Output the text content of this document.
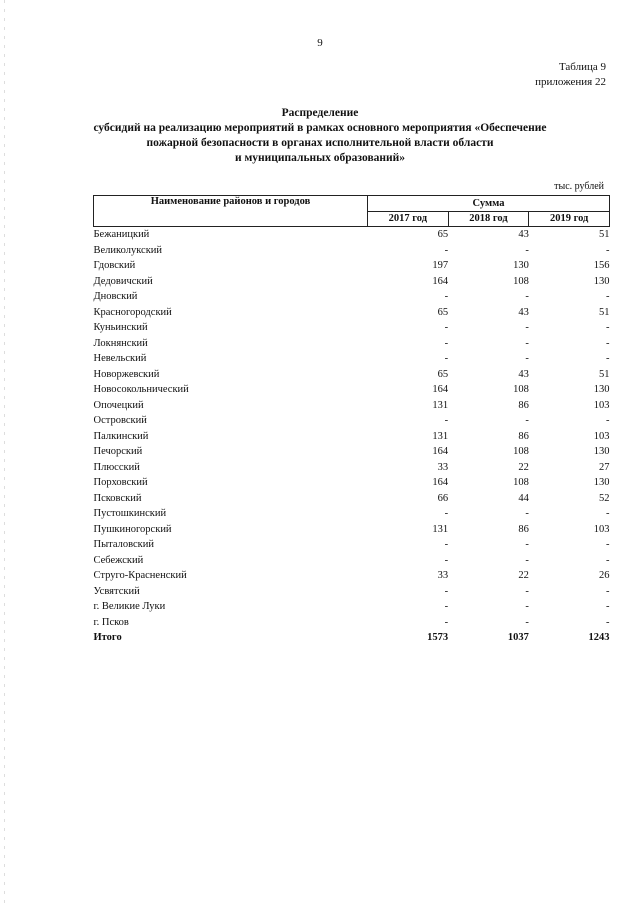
9
Таблица 9
приложения 22
Распределение
субсидий на реализацию мероприятий в рамках основного мероприятия «Обеспечение
пожарной безопасности в органах исполнительной власти области
и муниципальных образований»
тыс. рублей
Наименование районов и городов	Сумма		
	2017 год	2018 год	2019 год
Бежаницкий	65	43	51
Великолукский	-	-	-
Гдовский	197	130	156
Дедовичский	164	108	130
Дновский	-	-	-
Красногородский	65	43	51
Куньинский	-	-	-
Локнянский	-	-	-
Невельский	-	-	-
Новоржевский	65	43	51
Новосокольнический	164	108	130
Опочецкий	131	86	103
Островский	-	-	-
Палкинский	131	86	103
Печорский	164	108	130
Плюсский	33	22	27
Порховский	164	108	130
Псковский	66	44	52
Пустошкинский	-	-	-
Пушкиногорский	131	86	103
Пыталовский	-	-	-
Себежский	-	-	-
Струго-Красненский	33	22	26
Усвятский	-	-	-
г. Великие Луки	-	-	-
г. Псков	-	-	-
Итого	1573	1037	1243
